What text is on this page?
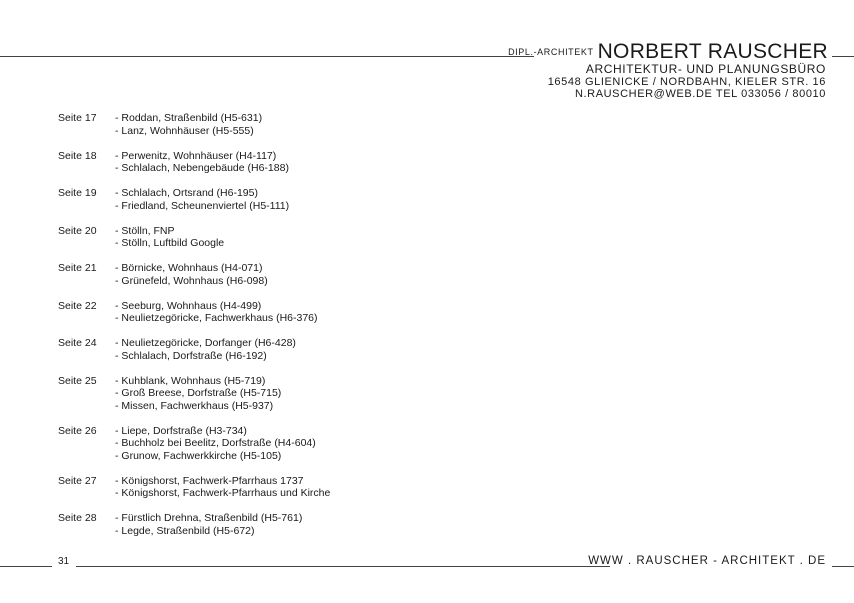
DIPL.-ARCHITEKT NORBERT RAUSCHER
ARCHITEKTUR- UND PLANUNGSBÜRO
16548 GLIENICKE / NORDBAHN, KIELER STR. 16
N.RAUSCHER@WEB.DE TEL 033056 / 80010
Seite 17	- Roddan, Straßenbild (H5-631)
- Lanz, Wohnhäuser (H5-555)
Seite 18	- Perwenitz, Wohnhäuser (H4-117)
- Schlalach, Nebengebäude (H6-188)
Seite 19	- Schlalach, Ortsrand (H6-195)
- Friedland, Scheunenviertel (H5-111)
Seite 20	- Stölln, FNP
- Stölln, Luftbild Google
Seite 21	- Börnicke, Wohnhaus (H4-071)
- Grünefeld, Wohnhaus (H6-098)
Seite 22	- Seeburg, Wohnhaus (H4-499)
- Neulietzegöricke, Fachwerkhaus (H6-376)
Seite 24	- Neulietzegöricke, Dorfanger (H6-428)
- Schlalach, Dorfstraße (H6-192)
Seite 25	- Kuhblank, Wohnhaus (H5-719)
- Groß Breese, Dorfstraße (H5-715)
- Missen, Fachwerkhaus (H5-937)
Seite 26	- Liepe, Dorfstraße (H3-734)
- Buchholz bei Beelitz, Dorfstraße (H4-604)
- Grunow, Fachwerkkirche (H5-105)
Seite 27	- Königshorst, Fachwerk-Pfarrhaus 1737
- Königshorst, Fachwerk-Pfarrhaus und Kirche
Seite 28	- Fürstlich Drehna, Straßenbild (H5-761)
- Legde, Straßenbild (H5-672)
31	WWW . RAUSCHER - ARCHITEKT . DE
